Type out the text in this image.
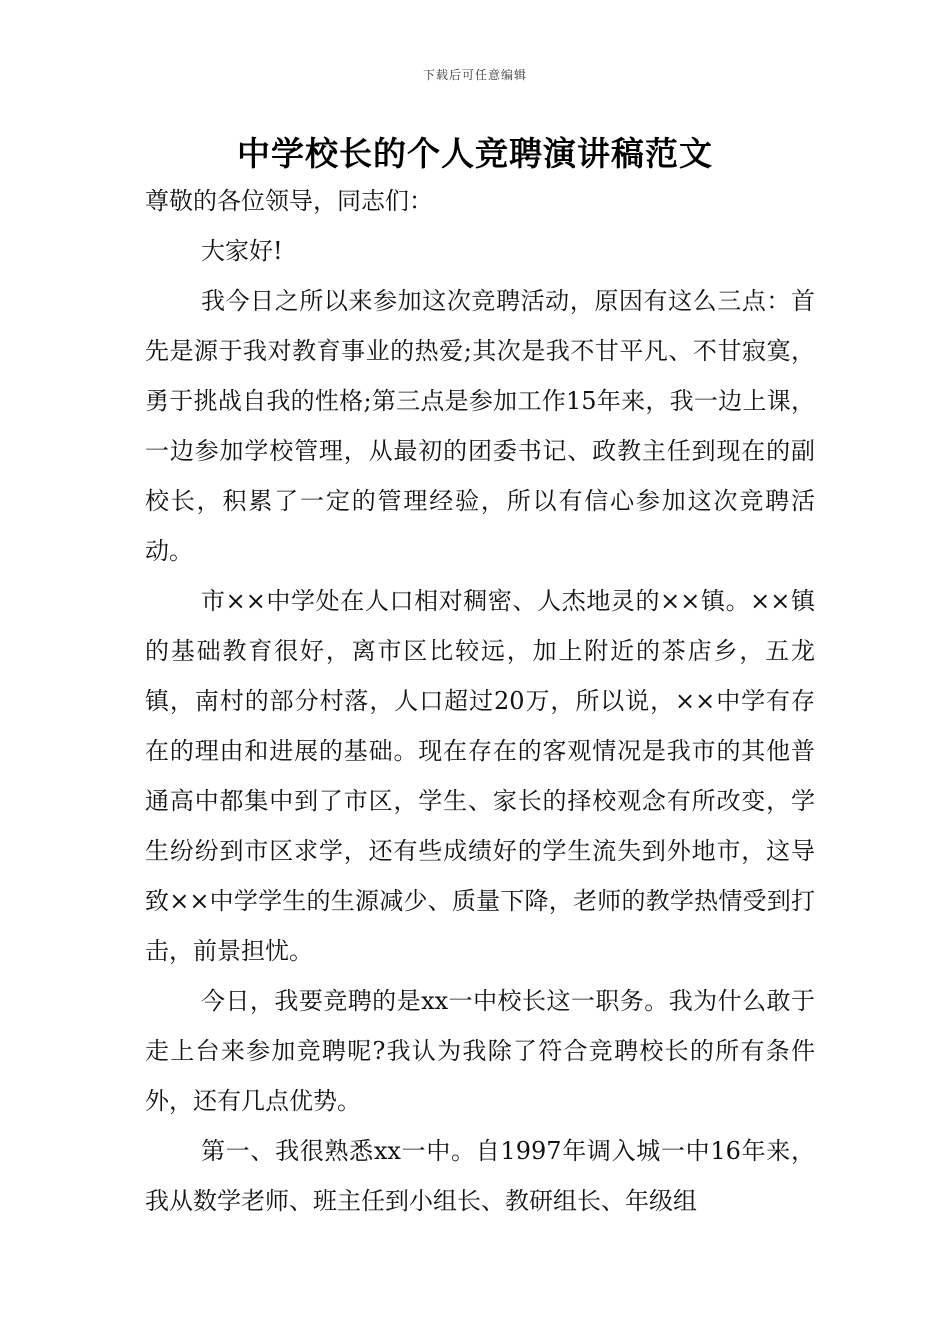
下载后可任意编辑
中学校长的个人竞聘演讲稿范文

尊敬的各位领导，同志们：

大家好!

我今日之所以来参加这次竞聘活动，原因有这么三点：首先是源于我对教育事业的热爱;其次是我不甘平凡、不甘寂寞，勇于挑战自我的性格;第三点是参加工作15年来，我一边上课，一边参加学校管理，从最初的团委书记、政教主任到现在的副校长，积累了一定的管理经验，所以有信心参加这次竞聘活动。

市××中学处在人口相对稠密、人杰地灵的××镇。××镇的基础教育很好，离市区比较远，加上附近的茶店乡，五龙镇，南村的部分村落，人口超过20万，所以说，××中学有存在的理由和进展的基础。现在存在的客观情况是我市的其他普通高中都集中到了市区，学生、家长的择校观念有所改变，学生纷纷到市区求学，还有些成绩好的学生流失到外地市，这导致××中学学生的生源减少、质量下降，老师的教学热情受到打击，前景担忧。

今日，我要竞聘的是xx一中校长这一职务。我为什么敢于走上台来参加竞聘呢?我认为我除了符合竞聘校长的所有条件外，还有几点优势。

第一、我很熟悉xx一中。自1997年调入城一中16年来，我从数学老师、班主任到小组长、教研组长、年级组
